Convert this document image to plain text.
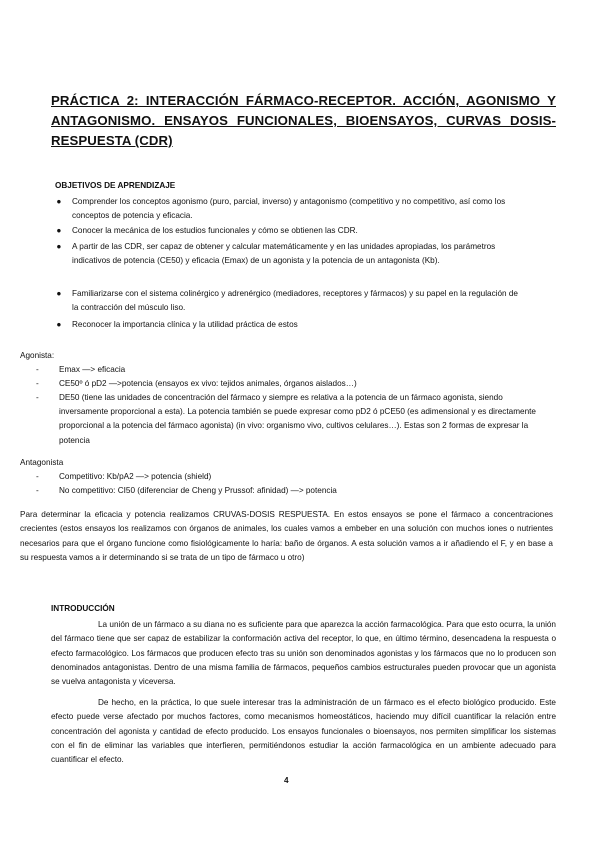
PRÁCTICA 2: INTERACCIÓN FÁRMACO-RECEPTOR. ACCIÓN, AGONISMO Y ANTAGONISMO. ENSAYOS FUNCIONALES, BIOENSAYOS, CURVAS DOSIS-RESPUESTA (CDR)
OBJETIVOS DE APRENDIZAJE
● Comprender los conceptos agonismo (puro, parcial, inverso) y antagonismo (competitivo y no competitivo, así como los conceptos de potencia y eficacia.
● Conocer la mecánica de los estudios funcionales y cómo se obtienen las CDR.
● A partir de las CDR, ser capaz de obtener y calcular matemáticamente y en las unidades apropiadas, los parámetros indicativos de potencia (CE50) y eficacia (Emax) de un agonista y la potencia de un antagonista (Kb).
● Familiarizarse con el sistema colinérgico y adrenérgico (mediadores, receptores y fármacos) y su papel en la regulación de la contracción del músculo liso.
● Reconocer la importancia clínica y la utilidad práctica de estos
Agonista:
- Emax —> eficacia
- CE50º ó pD2 —>potencia (ensayos ex vivo: tejidos animales, órganos aislados…)
- DE50 (tiene las unidades de concentración del fármaco y siempre es relativa a la potencia de un fármaco agonista, siendo inversamente proporcional a esta). La potencia también se puede expresar como pD2 ó pCE50 (es adimensional y es directamente proporcional a la potencia del fármaco agonista) (in vivo: organismo vivo, cultivos celulares…). Estas son 2 formas de expresar la potencia
Antagonista
- Competitivo: Kb/pA2 —> potencia (shield)
- No competitivo: CI50 (diferenciar de Cheng y Prussof: afinidad) —> potencia
Para determinar la eficacia y potencia realizamos CRUVAS-DOSIS RESPUESTA. En estos ensayos se pone el fármaco a concentraciones crecientes (estos ensayos los realizamos con órganos de animales, los cuales vamos a embeber en una solución con muchos iones o nutrientes necesarios para que el órgano funcione como fisiológicamente lo haría: baño de órganos. A esta solución vamos a ir añadiendo el F, y en base a su respuesta vamos a ir determinando si se trata de un tipo de fármaco u otro)
INTRODUCCIÓN
La unión de un fármaco a su diana no es suficiente para que aparezca la acción farmacológica. Para que esto ocurra, la unión del fármaco tiene que ser capaz de estabilizar la conformación activa del receptor, lo que, en último término, desencadena la respuesta o efecto farmacológico. Los fármacos que producen efecto tras su unión son denominados agonistas y los fármacos que no lo producen son denominados antagonistas. Dentro de una misma familia de fármacos, pequeños cambios estructurales pueden provocar que un agonista se vuelva antagonista y viceversa.
De hecho, en la práctica, lo que suele interesar tras la administración de un fármaco es el efecto biológico producido. Este efecto puede verse afectado por muchos factores, como mecanismos homeostáticos, haciendo muy difícil cuantificar la relación entre concentración del agonista y cantidad de efecto producido. Los ensayos funcionales o bioensayos, nos permiten simplificar los sistemas con el fin de eliminar las variables que interfieren, permitiéndonos estudiar la acción farmacológica en un ambiente adecuado para cuantificar el efecto.
4
